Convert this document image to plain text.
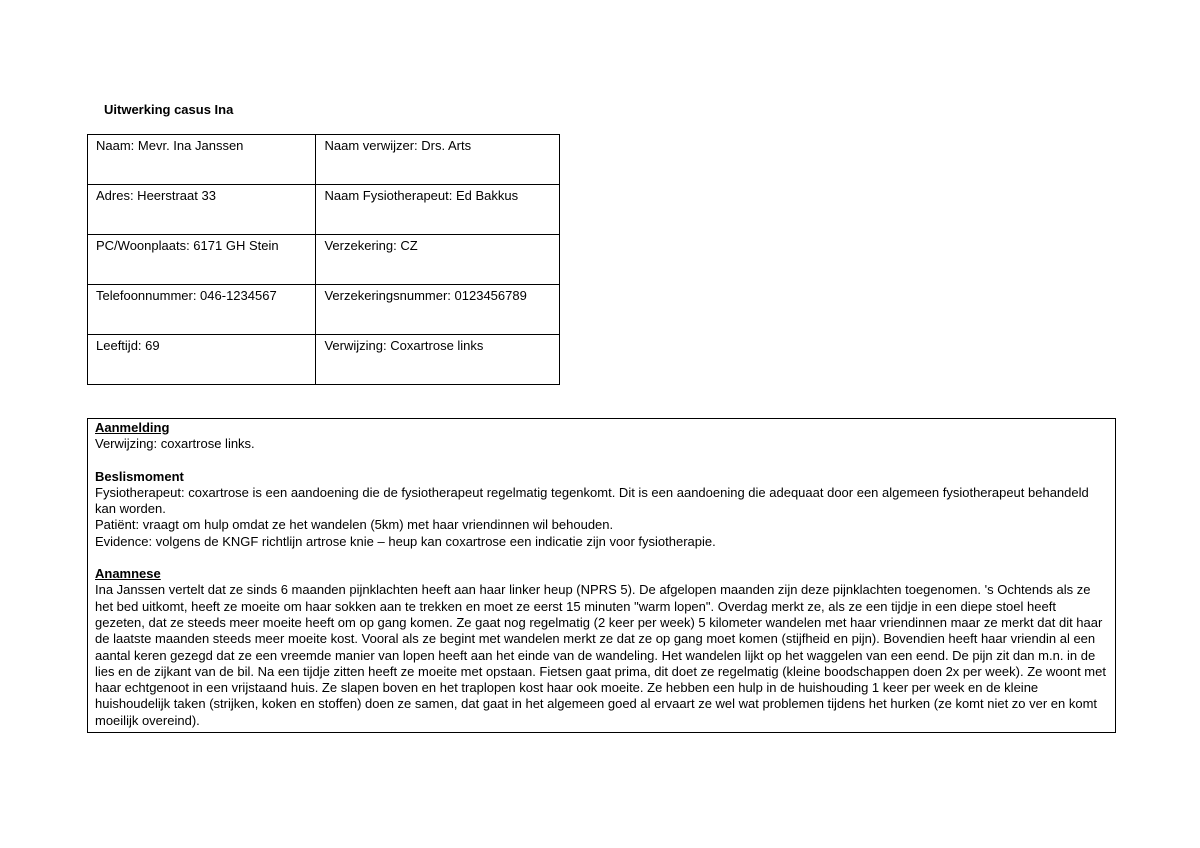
Uitwerking casus Ina
Naam: Mevr. Ina Janssen	Naam verwijzer: Drs. Arts
Adres: Heerstraat 33	Naam Fysiotherapeut: Ed Bakkus
PC/Woonplaats: 6171 GH Stein	Verzekering: CZ
Telefoonnummer: 046-1234567	Verzekeringsnummer: 0123456789
Leeftijd: 69	Verwijzing: Coxartrose links

Aanmelding

Verwijzing: coxartrose links.

Beslismoment

Fysiotherapeut: coxartrose is een aandoening die de fysiotherapeut regelmatig tegenkomt. Dit is een aandoening die adequaat door een algemeen fysiotherapeut behandeld kan worden.

Patiënt: vraagt om hulp omdat ze het wandelen (5km) met haar vriendinnen wil behouden.

Evidence: volgens de KNGF richtlijn artrose knie – heup kan coxartrose een indicatie zijn voor fysiotherapie.

Anamnese

Ina Janssen vertelt dat ze sinds 6 maanden pijnklachten heeft aan haar linker heup (NPRS 5). De afgelopen maanden zijn deze pijnklachten toegenomen. 's Ochtends als ze het bed uitkomt, heeft ze moeite om haar sokken aan te trekken en moet ze eerst 15 minuten "warm lopen". Overdag merkt ze, als ze een tijdje in een diepe stoel heeft gezeten, dat ze steeds meer moeite heeft om op gang komen. Ze gaat nog regelmatig (2 keer per week) 5 kilometer wandelen met haar vriendinnen maar ze merkt dat dit haar de laatste maanden steeds meer moeite kost. Vooral als ze begint met wandelen merkt ze dat ze op gang moet komen (stijfheid en pijn). Bovendien heeft haar vriendin al een aantal keren gezegd dat ze een vreemde manier van lopen heeft aan het einde van de wandeling. Het wandelen lijkt op het waggelen van een eend. De pijn zit dan m.n. in de lies en de zijkant van de bil. Na een tijdje zitten heeft ze moeite met opstaan. Fietsen gaat prima, dit doet ze regelmatig (kleine boodschappen doen 2x per week). Ze woont met haar echtgenoot in een vrijstaand huis. Ze slapen boven en het traplopen kost haar ook moeite. Ze hebben een hulp in de huishouding 1 keer per week en de kleine huishoudelijk taken (strijken, koken en stoffen) doen ze samen, dat gaat in het algemeen goed al ervaart ze wel wat problemen tijdens het hurken (ze komt niet zo ver en komt moeilijk overeind).
